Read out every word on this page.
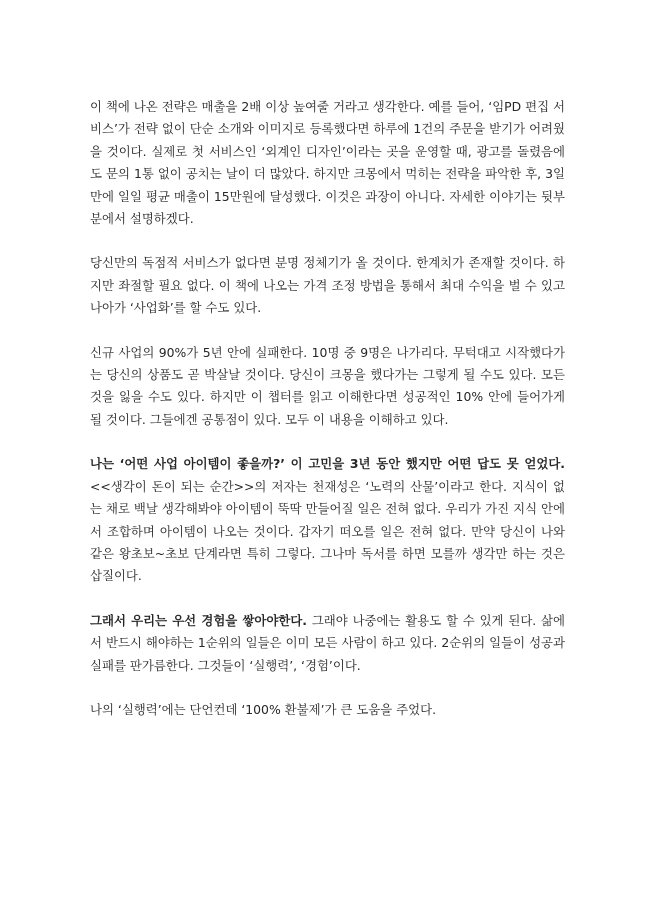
이 책에 나온 전략은 매출을 2배 이상 높여줄 거라고 생각한다. 예를 들어, ‘임PD 편집 서비스’가 전략 없이 단순 소개와 이미지로 등록했다면 하루에 1건의 주문을 받기가 어려웠을 것이다. 실제로 첫 서비스인 ‘외계인 디자인’이라는 곳을 운영할 때, 광고를 돌렸음에도 문의 1통 없이 공치는 날이 더 많았다. 하지만 크몽에서 먹히는 전략을 파악한 후, 3일 만에 일일 평균 매출이 15만원에 달성했다. 이것은 과장이 아니다. 자세한 이야기는 뒷부분에서 설명하겠다.

당신만의 독점적 서비스가 없다면 분명 정체기가 올 것이다. 한계치가 존재할 것이다. 하지만 좌절할 필요 없다. 이 책에 나오는 가격 조정 방법을 통해서 최대 수익을 벌 수 있고 나아가 ‘사업화’를 할 수도 있다.

신규 사업의 90%가 5년 안에 실패한다. 10명 중 9명은 나가리다. 무턱대고 시작했다가는 당신의 상품도 곧 박살날 것이다. 당신이 크몽을 했다가는 그렇게 될 수도 있다. 모든 것을 잃을 수도 있다. 하지만 이 챕터를 읽고 이해한다면 성공적인 10% 안에 들어가게 될 것이다. 그들에겐 공통점이 있다. 모두 이 내용을 이해하고 있다.

나는 ‘어떤 사업 아이템이 좋을까?’ 이 고민을 3년 동안 했지만 어떤 답도 못 얻었다. <<생각이 돈이 되는 순간>>의 저자는 천재성은 ‘노력의 산물’이라고 한다. 지식이 없는 채로 백날 생각해봐야 아이템이 뚝딱 만들어질 일은 전혀 없다. 우리가 가진 지식 안에서 조합하며 아이템이 나오는 것이다. 갑자기 떠오를 일은 전혀 없다. 만약 당신이 나와 같은 왕초보~초보 단계라면 특히 그렇다. 그나마 독서를 하면 모를까 생각만 하는 것은 삽질이다.

그래서 우리는 우선 경험을 쌓아야한다. 그래야 나중에는 활용도 할 수 있게 된다. 삶에서 반드시 해야하는 1순위의 일들은 이미 모든 사람이 하고 있다. 2순위의 일들이 성공과 실패를 판가름한다. 그것들이 ‘실행력’, ‘경험’이다.

나의 ‘실행력’에는 단언컨데 ‘100% 환불제’가 큰 도움을 주었다.
